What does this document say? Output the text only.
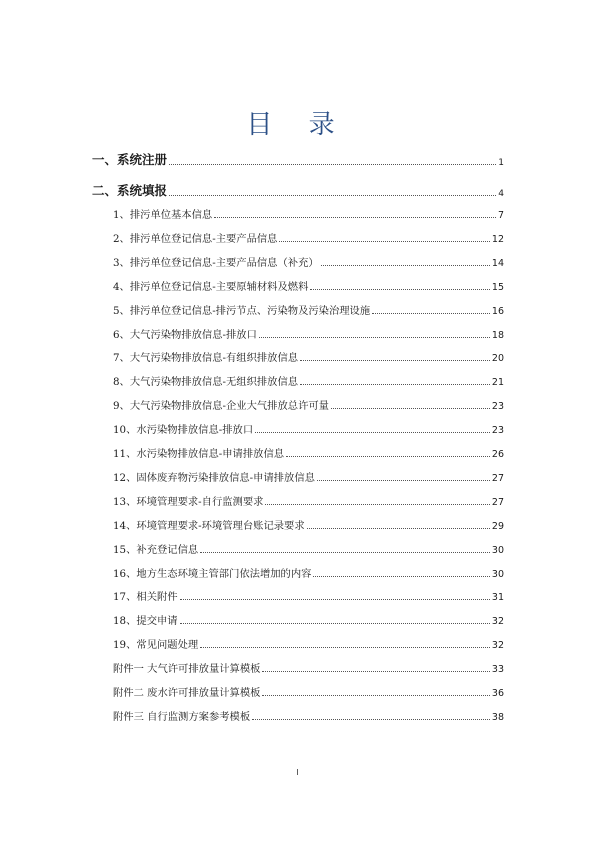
目 录
一、系统注册	1
二、系统填报	4
1、排污单位基本信息	7
2、排污单位登记信息-主要产品信息	12
3、排污单位登记信息-主要产品信息（补充）	14
4、排污单位登记信息-主要原辅材料及燃料	15
5、排污单位登记信息-排污节点、污染物及污染治理设施	16
6、大气污染物排放信息-排放口	18
7、大气污染物排放信息-有组织排放信息	20
8、大气污染物排放信息-无组织排放信息	21
9、大气污染物排放信息-企业大气排放总许可量	23
10、水污染物排放信息-排放口	23
11、水污染物排放信息-申请排放信息	26
12、固体废弃物污染排放信息-申请排放信息	27
13、环境管理要求-自行监测要求	27
14、环境管理要求-环境管理台账记录要求	29
15、补充登记信息	30
16、地方生态环境主管部门依法增加的内容	30
17、相关附件	31
18、提交申请	32
19、常见问题处理	32
附件一 大气许可排放量计算模板	33
附件二 废水许可排放量计算模板	36
附件三 自行监测方案参考模板	38
I
